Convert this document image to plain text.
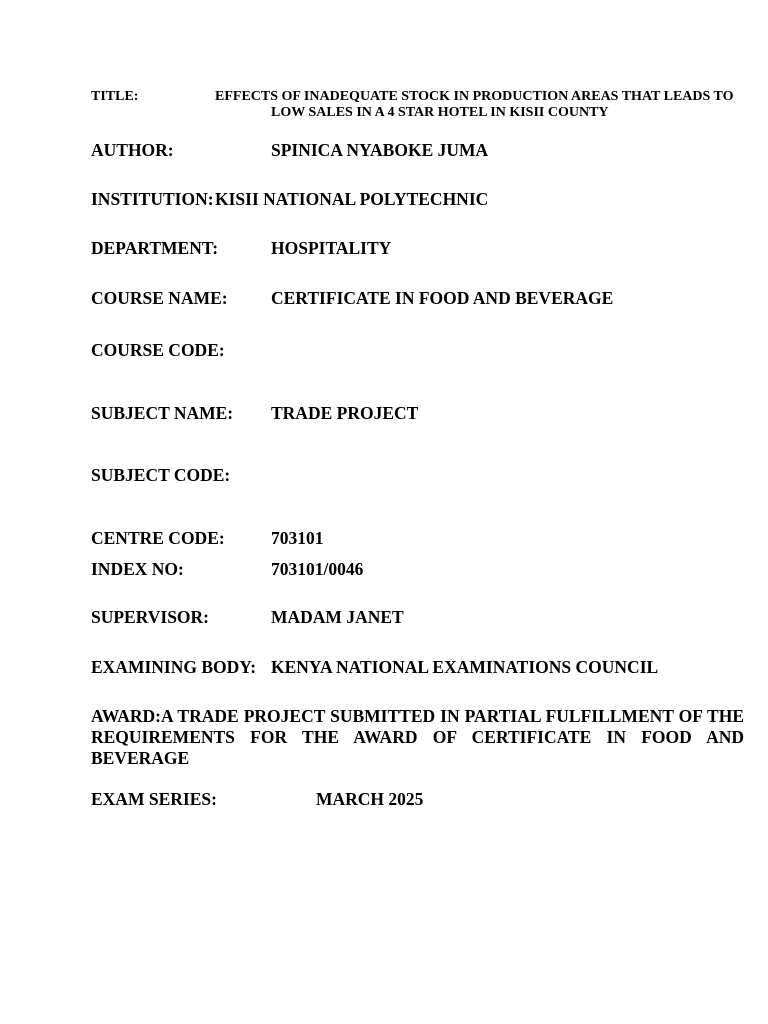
TITLE:	EFFECTS OF INADEQUATE STOCK IN PRODUCTION AREAS THAT LEADS TO
LOW SALES IN A 4 STAR HOTEL IN KISII COUNTY
AUTHOR:	SPINICA NYABOKE JUMA
INSTITUTION: KISII NATIONAL POLYTECHNIC
DEPARTMENT:	HOSPITALITY
COURSE NAME: CERTIFICATE IN FOOD AND BEVERAGE
COURSE CODE:
SUBJECT NAME: TRADE PROJECT
SUBJECT CODE:
CENTRE CODE:	703101
INDEX NO:	703101/0046
SUPERVISOR:	MADAM JANET
EXAMINING BODY: KENYA NATIONAL EXAMINATIONS COUNCIL
AWARD:A TRADE PROJECT SUBMITTED IN PARTIAL FULFILLMENT OF THE REQUIREMENTS FOR THE AWARD OF CERTIFICATE IN FOOD AND BEVERAGE
EXAM SERIES:	MARCH 2025
